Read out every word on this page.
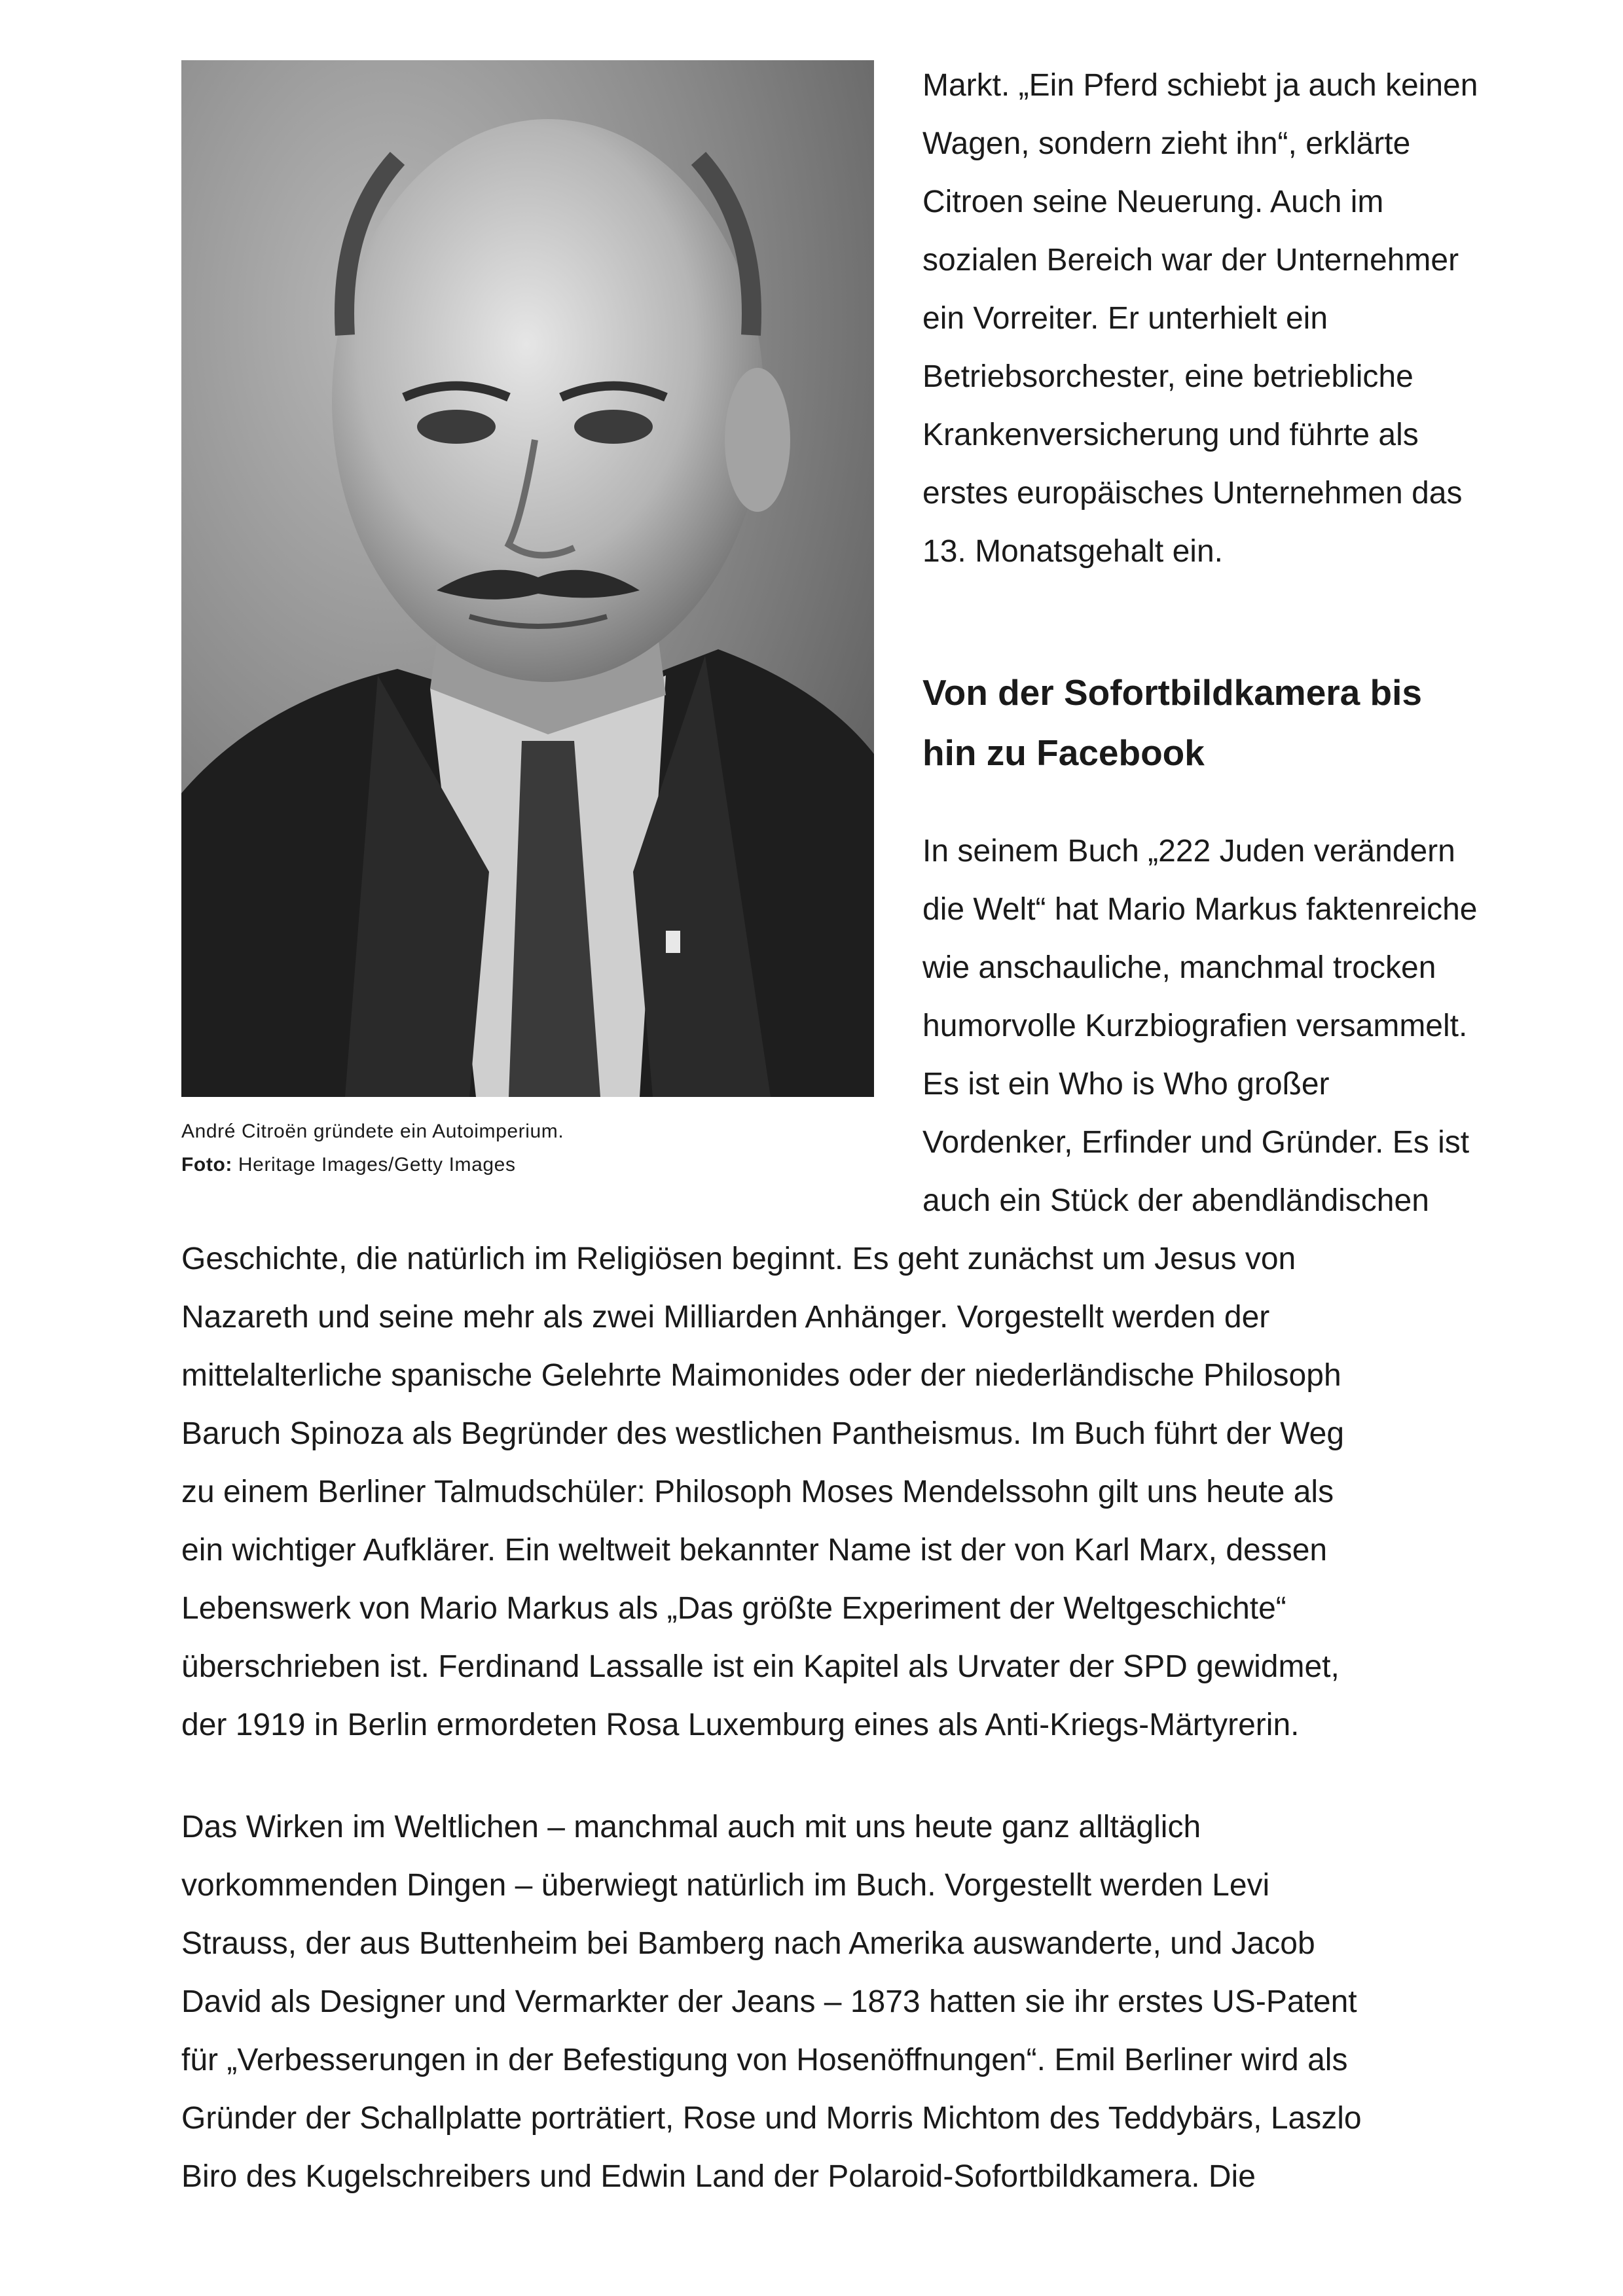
André Citroën gründete ein Autoimperium.

Foto: Heritage Images/Getty Images

Markt. „Ein Pferd schiebt ja auch keinen
Wagen, sondern zieht ihn“, erklärte
Citroen seine Neuerung. Auch im
sozialen Bereich war der Unternehmer
ein Vorreiter. Er unterhielt ein
Betriebsorchester, eine betriebliche
Krankenversicherung und führte als
erstes europäisches Unternehmen das
13. Monatsgehalt ein.
Von der Sofortbildkamera bis
hin zu Facebook
In seinem Buch „222 Juden verändern
die Welt“ hat Mario Markus faktenreiche
wie anschauliche, manchmal trocken
humorvolle Kurzbiografien versammelt.
Es ist ein Who is Who großer
Vordenker, Erfinder und Gründer. Es ist
auch ein Stück der abendländischen
Geschichte, die natürlich im Religiösen beginnt. Es geht zunächst um Jesus von
Nazareth und seine mehr als zwei Milliarden Anhänger. Vorgestellt werden der
mittelalterliche spanische Gelehrte Maimonides oder der niederländische Philosoph
Baruch Spinoza als Begründer des westlichen Pantheismus. Im Buch führt der Weg
zu einem Berliner Talmudschüler: Philosoph Moses Mendelssohn gilt uns heute als
ein wichtiger Aufklärer. Ein weltweit bekannter Name ist der von Karl Marx, dessen
Lebenswerk von Mario Markus als „Das größte Experiment der Weltgeschichte“
überschrieben ist. Ferdinand Lassalle ist ein Kapitel als Urvater der SPD gewidmet,
der 1919 in Berlin ermordeten Rosa Luxemburg eines als Anti-Kriegs-Märtyrerin.
Das Wirken im Weltlichen – manchmal auch mit uns heute ganz alltäglich
vorkommenden Dingen – überwiegt natürlich im Buch. Vorgestellt werden Levi
Strauss, der aus Buttenheim bei Bamberg nach Amerika auswanderte, und Jacob
David als Designer und Vermarkter der Jeans – 1873 hatten sie ihr erstes US-Patent
für „Verbesserungen in der Befestigung von Hosenöffnungen“. Emil Berliner wird als
Gründer der Schallplatte porträtiert, Rose und Morris Michtom des Teddybärs, Laszlo
Biro des Kugelschreibers und Edwin Land der Polaroid-Sofortbildkamera. Die
